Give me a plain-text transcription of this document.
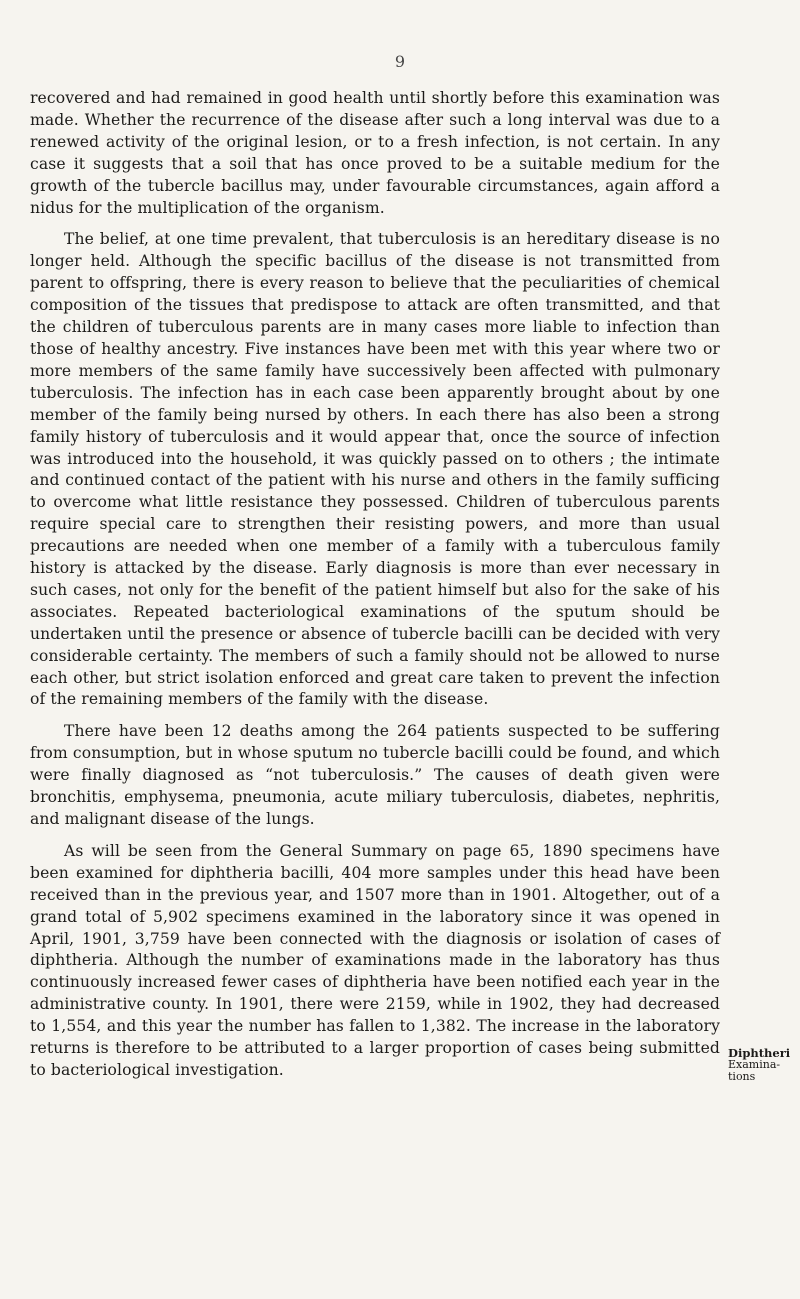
9

recovered and had remained in good health until shortly before this examination was made. Whether the recurrence of the disease after such a long interval was due to a renewed activity of the original lesion, or to a fresh infection, is not certain. In any case it suggests that a soil that has once proved to be a suitable medium for the growth of the tubercle bacillus may, under favourable circumstances, again afford a nidus for the multiplication of the organism.

The belief, at one time prevalent, that tuberculosis is an hereditary disease is no longer held. Although the specific bacillus of the disease is not transmitted from parent to offspring, there is every reason to believe that the peculiarities of chemical composition of the tissues that predispose to attack are often transmitted, and that the children of tuberculous parents are in many cases more liable to infection than those of healthy ancestry. Five instances have been met with this year where two or more members of the same family have successively been affected with pulmonary tuberculosis. The infection has in each case been apparently brought about by one member of the family being nursed by others. In each there has also been a strong family history of tuberculosis and it would appear that, once the source of infection was introduced into the household, it was quickly passed on to others ; the intimate and continued contact of the patient with his nurse and others in the family sufficing to overcome what little resistance they possessed. Children of tuberculous parents require special care to strengthen their resisting powers, and more than usual precautions are needed when one member of a family with a tuberculous family history is attacked by the disease. Early diagnosis is more than ever necessary in such cases, not only for the benefit of the patient himself but also for the sake of his associates. Repeated bacteriological examinations of the sputum should be undertaken until the presence or absence of tubercle bacilli can be decided with very considerable certainty. The members of such a family should not be allowed to nurse each other, but strict isolation enforced and great care taken to prevent the infection of the remaining members of the family with the disease.

There have been 12 deaths among the 264 patients suspected to be suffering from consumption, but in whose sputum no tubercle bacilli could be found, and which were finally diagnosed as “not tuberculosis.” The causes of death given were bronchitis, emphysema, pneumonia, acute miliary tuberculosis, diabetes, nephritis, and malignant disease of the lungs.

As will be seen from the General Summary on page 65, 1890 specimens have been examined for diphtheria bacilli, 404 more samples under this head have been received than in the previous year, and 1507 more than in 1901. Altogether, out of a grand total of 5,902 specimens examined in the laboratory since it was opened in April, 1901, 3,759 have been connected with the diagnosis or isolation of cases of diphtheria. Although the number of examinations made in the laboratory has thus continuously increased fewer cases of diphtheria have been notified each year in the administrative county. In 1901, there were 2159, while in 1902, they had decreased to 1,554, and this year the number has fallen to 1,382. The increase in the laboratory returns is therefore to be attributed to a larger proportion of cases being submitted to bacteriological investigation.

Diphtheri
Examina-
tions
